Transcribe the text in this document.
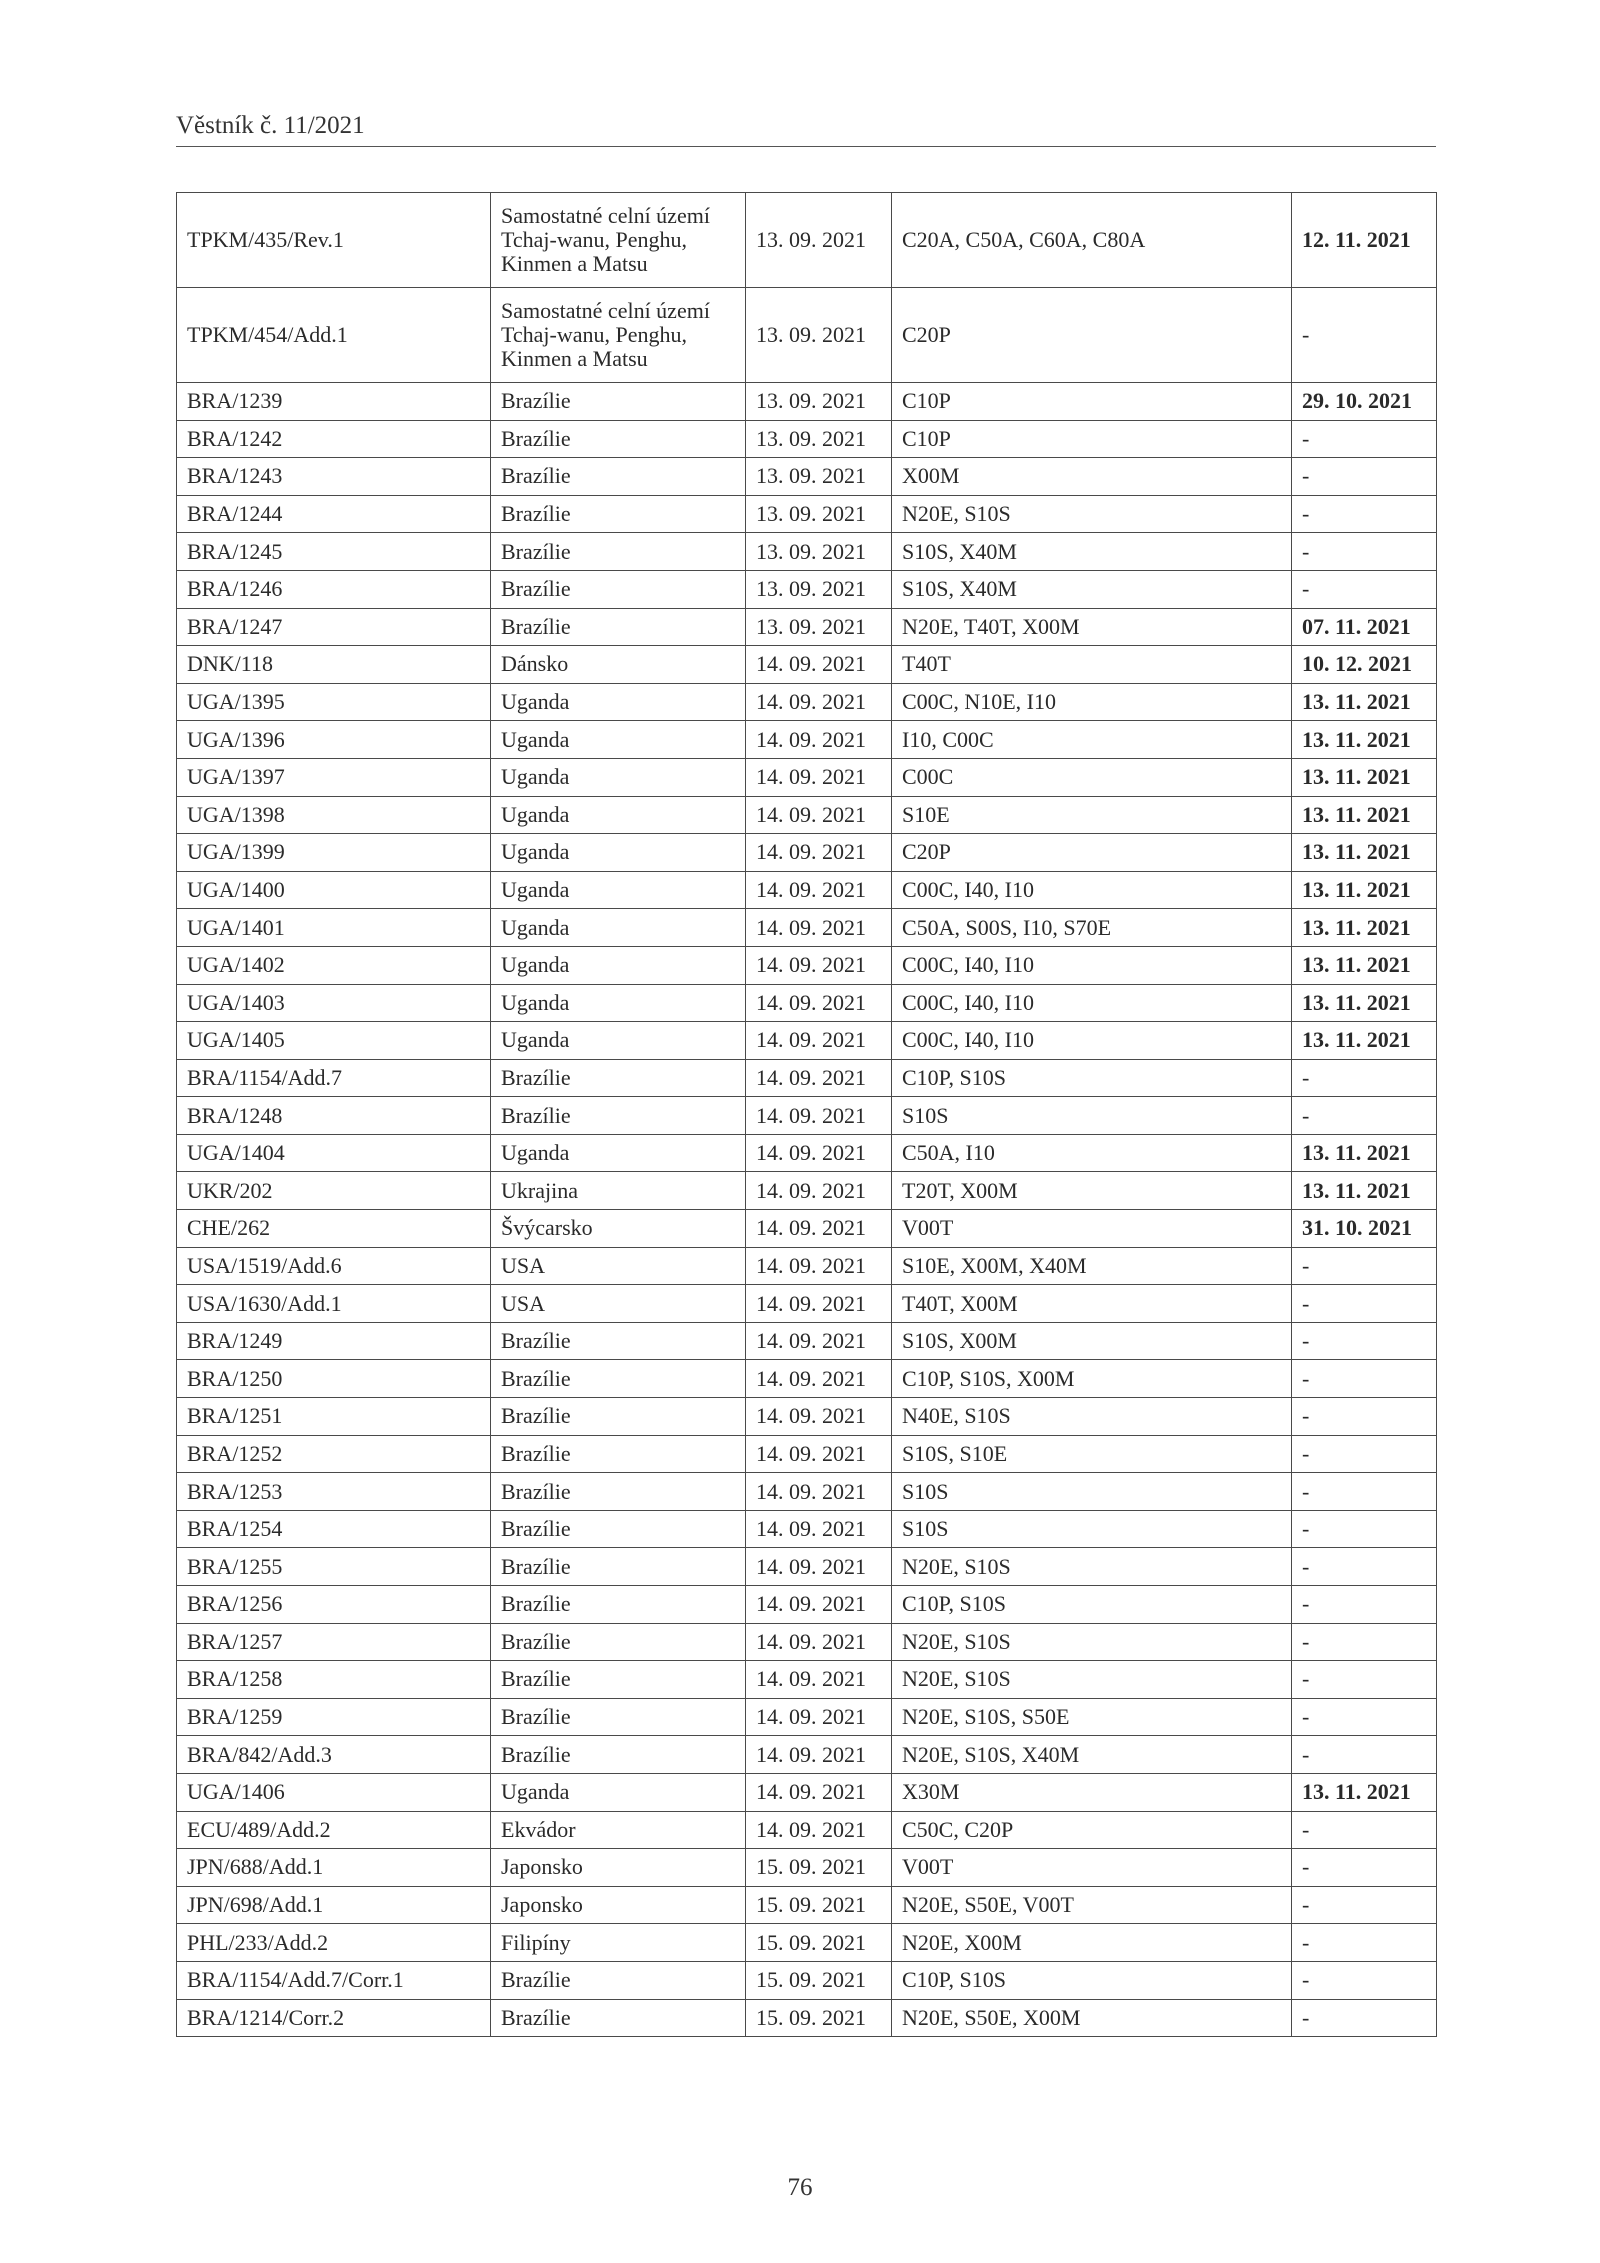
Věstník č. 11/2021
TPKM/435/Rev.1	Samostatné celní území Tchaj-wanu, Penghu, Kinmen a Matsu	13. 09. 2021	C20A, C50A, C60A, C80A	12. 11. 2021
TPKM/454/Add.1	Samostatné celní území Tchaj-wanu, Penghu, Kinmen a Matsu	13. 09. 2021	C20P	-
BRA/1239	Brazílie	13. 09. 2021	C10P	29. 10. 2021
BRA/1242	Brazílie	13. 09. 2021	C10P	-
BRA/1243	Brazílie	13. 09. 2021	X00M	-
BRA/1244	Brazílie	13. 09. 2021	N20E, S10S	-
BRA/1245	Brazílie	13. 09. 2021	S10S, X40M	-
BRA/1246	Brazílie	13. 09. 2021	S10S, X40M	-
BRA/1247	Brazílie	13. 09. 2021	N20E, T40T, X00M	07. 11. 2021
DNK/118	Dánsko	14. 09. 2021	T40T	10. 12. 2021
UGA/1395	Uganda	14. 09. 2021	C00C, N10E, I10	13. 11. 2021
UGA/1396	Uganda	14. 09. 2021	I10, C00C	13. 11. 2021
UGA/1397	Uganda	14. 09. 2021	C00C	13. 11. 2021
UGA/1398	Uganda	14. 09. 2021	S10E	13. 11. 2021
UGA/1399	Uganda	14. 09. 2021	C20P	13. 11. 2021
UGA/1400	Uganda	14. 09. 2021	C00C, I40, I10	13. 11. 2021
UGA/1401	Uganda	14. 09. 2021	C50A, S00S, I10, S70E	13. 11. 2021
UGA/1402	Uganda	14. 09. 2021	C00C, I40, I10	13. 11. 2021
UGA/1403	Uganda	14. 09. 2021	C00C, I40, I10	13. 11. 2021
UGA/1405	Uganda	14. 09. 2021	C00C, I40, I10	13. 11. 2021
BRA/1154/Add.7	Brazílie	14. 09. 2021	C10P, S10S	-
BRA/1248	Brazílie	14. 09. 2021	S10S	-
UGA/1404	Uganda	14. 09. 2021	C50A, I10	13. 11. 2021
UKR/202	Ukrajina	14. 09. 2021	T20T, X00M	13. 11. 2021
CHE/262	Švýcarsko	14. 09. 2021	V00T	31. 10. 2021
USA/1519/Add.6	USA	14. 09. 2021	S10E, X00M, X40M	-
USA/1630/Add.1	USA	14. 09. 2021	T40T, X00M	-
BRA/1249	Brazílie	14. 09. 2021	S10S, X00M	-
BRA/1250	Brazílie	14. 09. 2021	C10P, S10S, X00M	-
BRA/1251	Brazílie	14. 09. 2021	N40E, S10S	-
BRA/1252	Brazílie	14. 09. 2021	S10S, S10E	-
BRA/1253	Brazílie	14. 09. 2021	S10S	-
BRA/1254	Brazílie	14. 09. 2021	S10S	-
BRA/1255	Brazílie	14. 09. 2021	N20E, S10S	-
BRA/1256	Brazílie	14. 09. 2021	C10P, S10S	-
BRA/1257	Brazílie	14. 09. 2021	N20E, S10S	-
BRA/1258	Brazílie	14. 09. 2021	N20E, S10S	-
BRA/1259	Brazílie	14. 09. 2021	N20E, S10S, S50E	-
BRA/842/Add.3	Brazílie	14. 09. 2021	N20E, S10S, X40M	-
UGA/1406	Uganda	14. 09. 2021	X30M	13. 11. 2021
ECU/489/Add.2	Ekvádor	14. 09. 2021	C50C, C20P	-
JPN/688/Add.1	Japonsko	15. 09. 2021	V00T	-
JPN/698/Add.1	Japonsko	15. 09. 2021	N20E, S50E, V00T	-
PHL/233/Add.2	Filipíny	15. 09. 2021	N20E, X00M	-
BRA/1154/Add.7/Corr.1	Brazílie	15. 09. 2021	C10P, S10S	-
BRA/1214/Corr.2	Brazílie	15. 09. 2021	N20E, S50E, X00M	-
76
